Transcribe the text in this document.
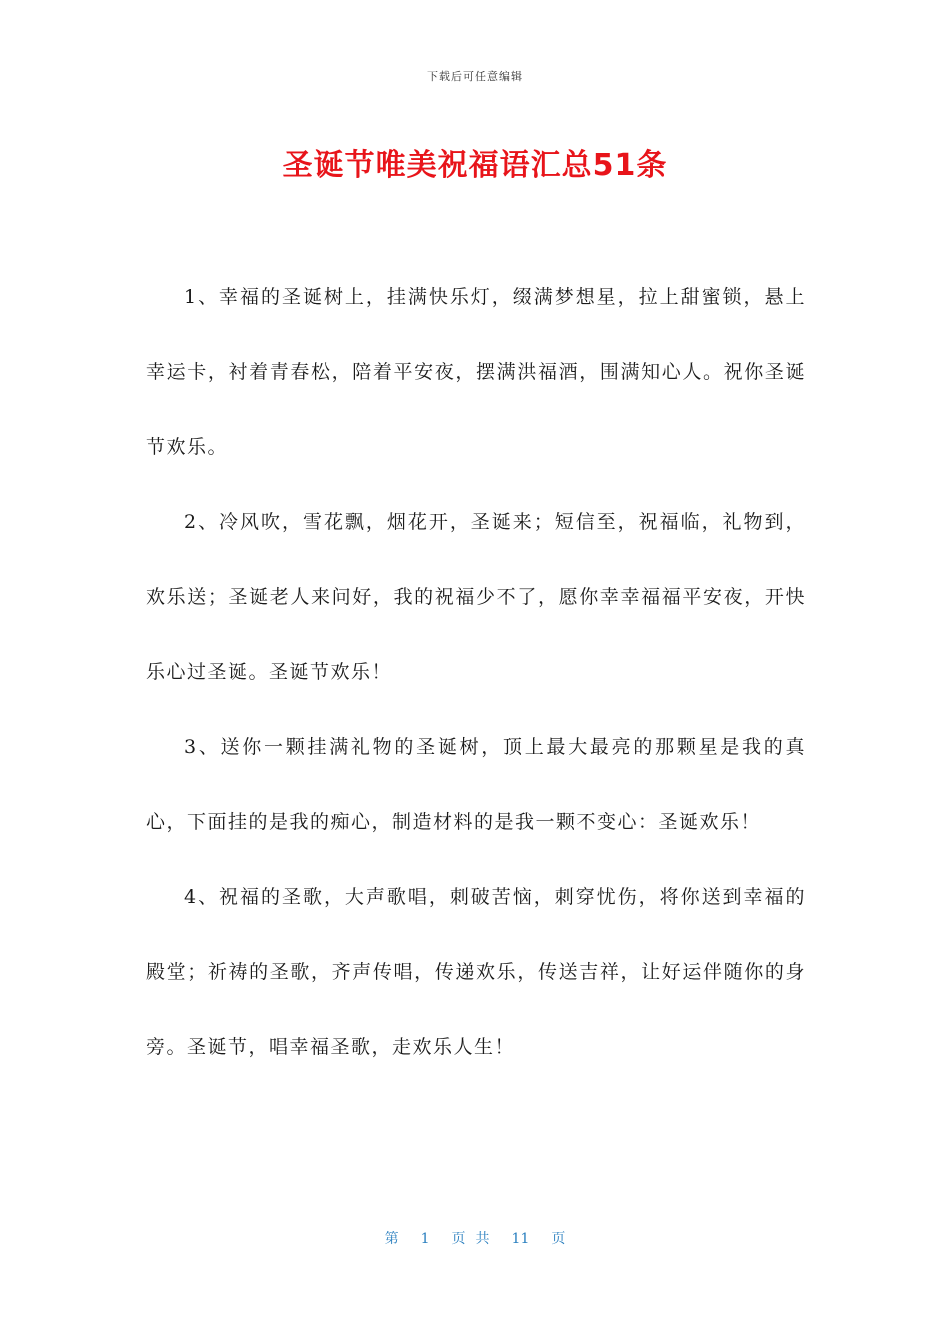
下载后可任意编辑
圣诞节唯美祝福语汇总51条

1、幸福的圣诞树上，挂满快乐灯，缀满梦想星，拉上甜蜜锁，悬上幸运卡，衬着青春松，陪着平安夜，摆满洪福酒，围满知心人。祝你圣诞节欢乐。

2、冷风吹，雪花飘，烟花开，圣诞来；短信至，祝福临，礼物到，欢乐送；圣诞老人来问好，我的祝福少不了，愿你幸幸福福平安夜，开快乐心过圣诞。圣诞节欢乐！

3、送你一颗挂满礼物的圣诞树，顶上最大最亮的那颗星是我的真心，下面挂的是我的痴心，制造材料的是我一颗不变心：圣诞欢乐！

4、祝福的圣歌，大声歌唱，刺破苦恼，刺穿忧伤，将你送到幸福的殿堂；祈祷的圣歌，齐声传唱，传递欢乐，传送吉祥，让好运伴随你的身旁。圣诞节，唱幸福圣歌，走欢乐人生！

第 1 页 共 11 页
